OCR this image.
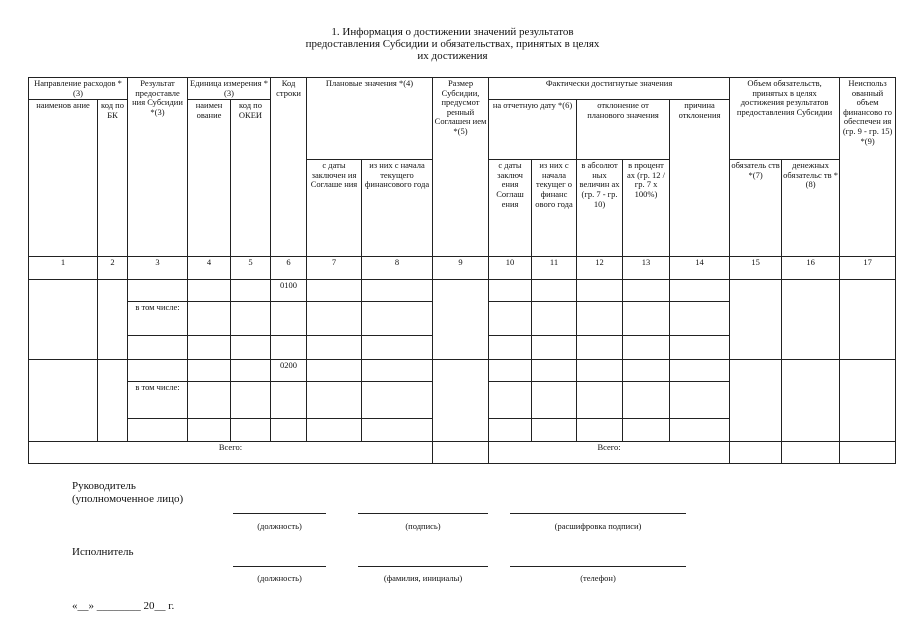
1. Информация о достижении значений результатов
предоставления Субсидии и обязательствах, принятых в целях
их достижения
Направление расходов *(3)		Результат предоставле ния Субсидии *(3)	Единица измерения *(3)		Код строки	Плановые значения *(4)		Размер Субсидии, предусмот ренный Соглашен ием *(5)	Фактически достигнутые значения					Объем обязательств, принятых в целях достижения результатов предоставления Субсидии		Неиспольз ованный объем финансово го обеспечен ия (гр. 9 - гр. 15) *(9)
наименов ание	код по БК		наимен ование	код по ОКЕИ					на отчетную дату *(6)		отклонение от планового значения		причина отклонения			
						с даты заключен ия Соглаше ния	из них с начала текущего финансового года		с даты заключ ения Соглаш ения	из них с начала текущег о финанс ового года	в абсолют ных величин ах (гр. 7 - гр. 10)	в процент ах (гр. 12 / гр. 7 x 100%)		обязатель ств *(7)	денежных обязательс тв *(8)	
1	2	3	4	5	6	7	8	9	10	11	12	13	14	15	16	17
					0100											
		в том числе:														

					0200											
		в том числе:														

Всего:									Всего:							
Руководитель
(уполномоченное лицо)
(должность)	(подпись)	(расшифровка подписи)
Исполнитель
(должность)	(фамилия, инициалы)	(телефон)
«__» ________ 20__ г.
